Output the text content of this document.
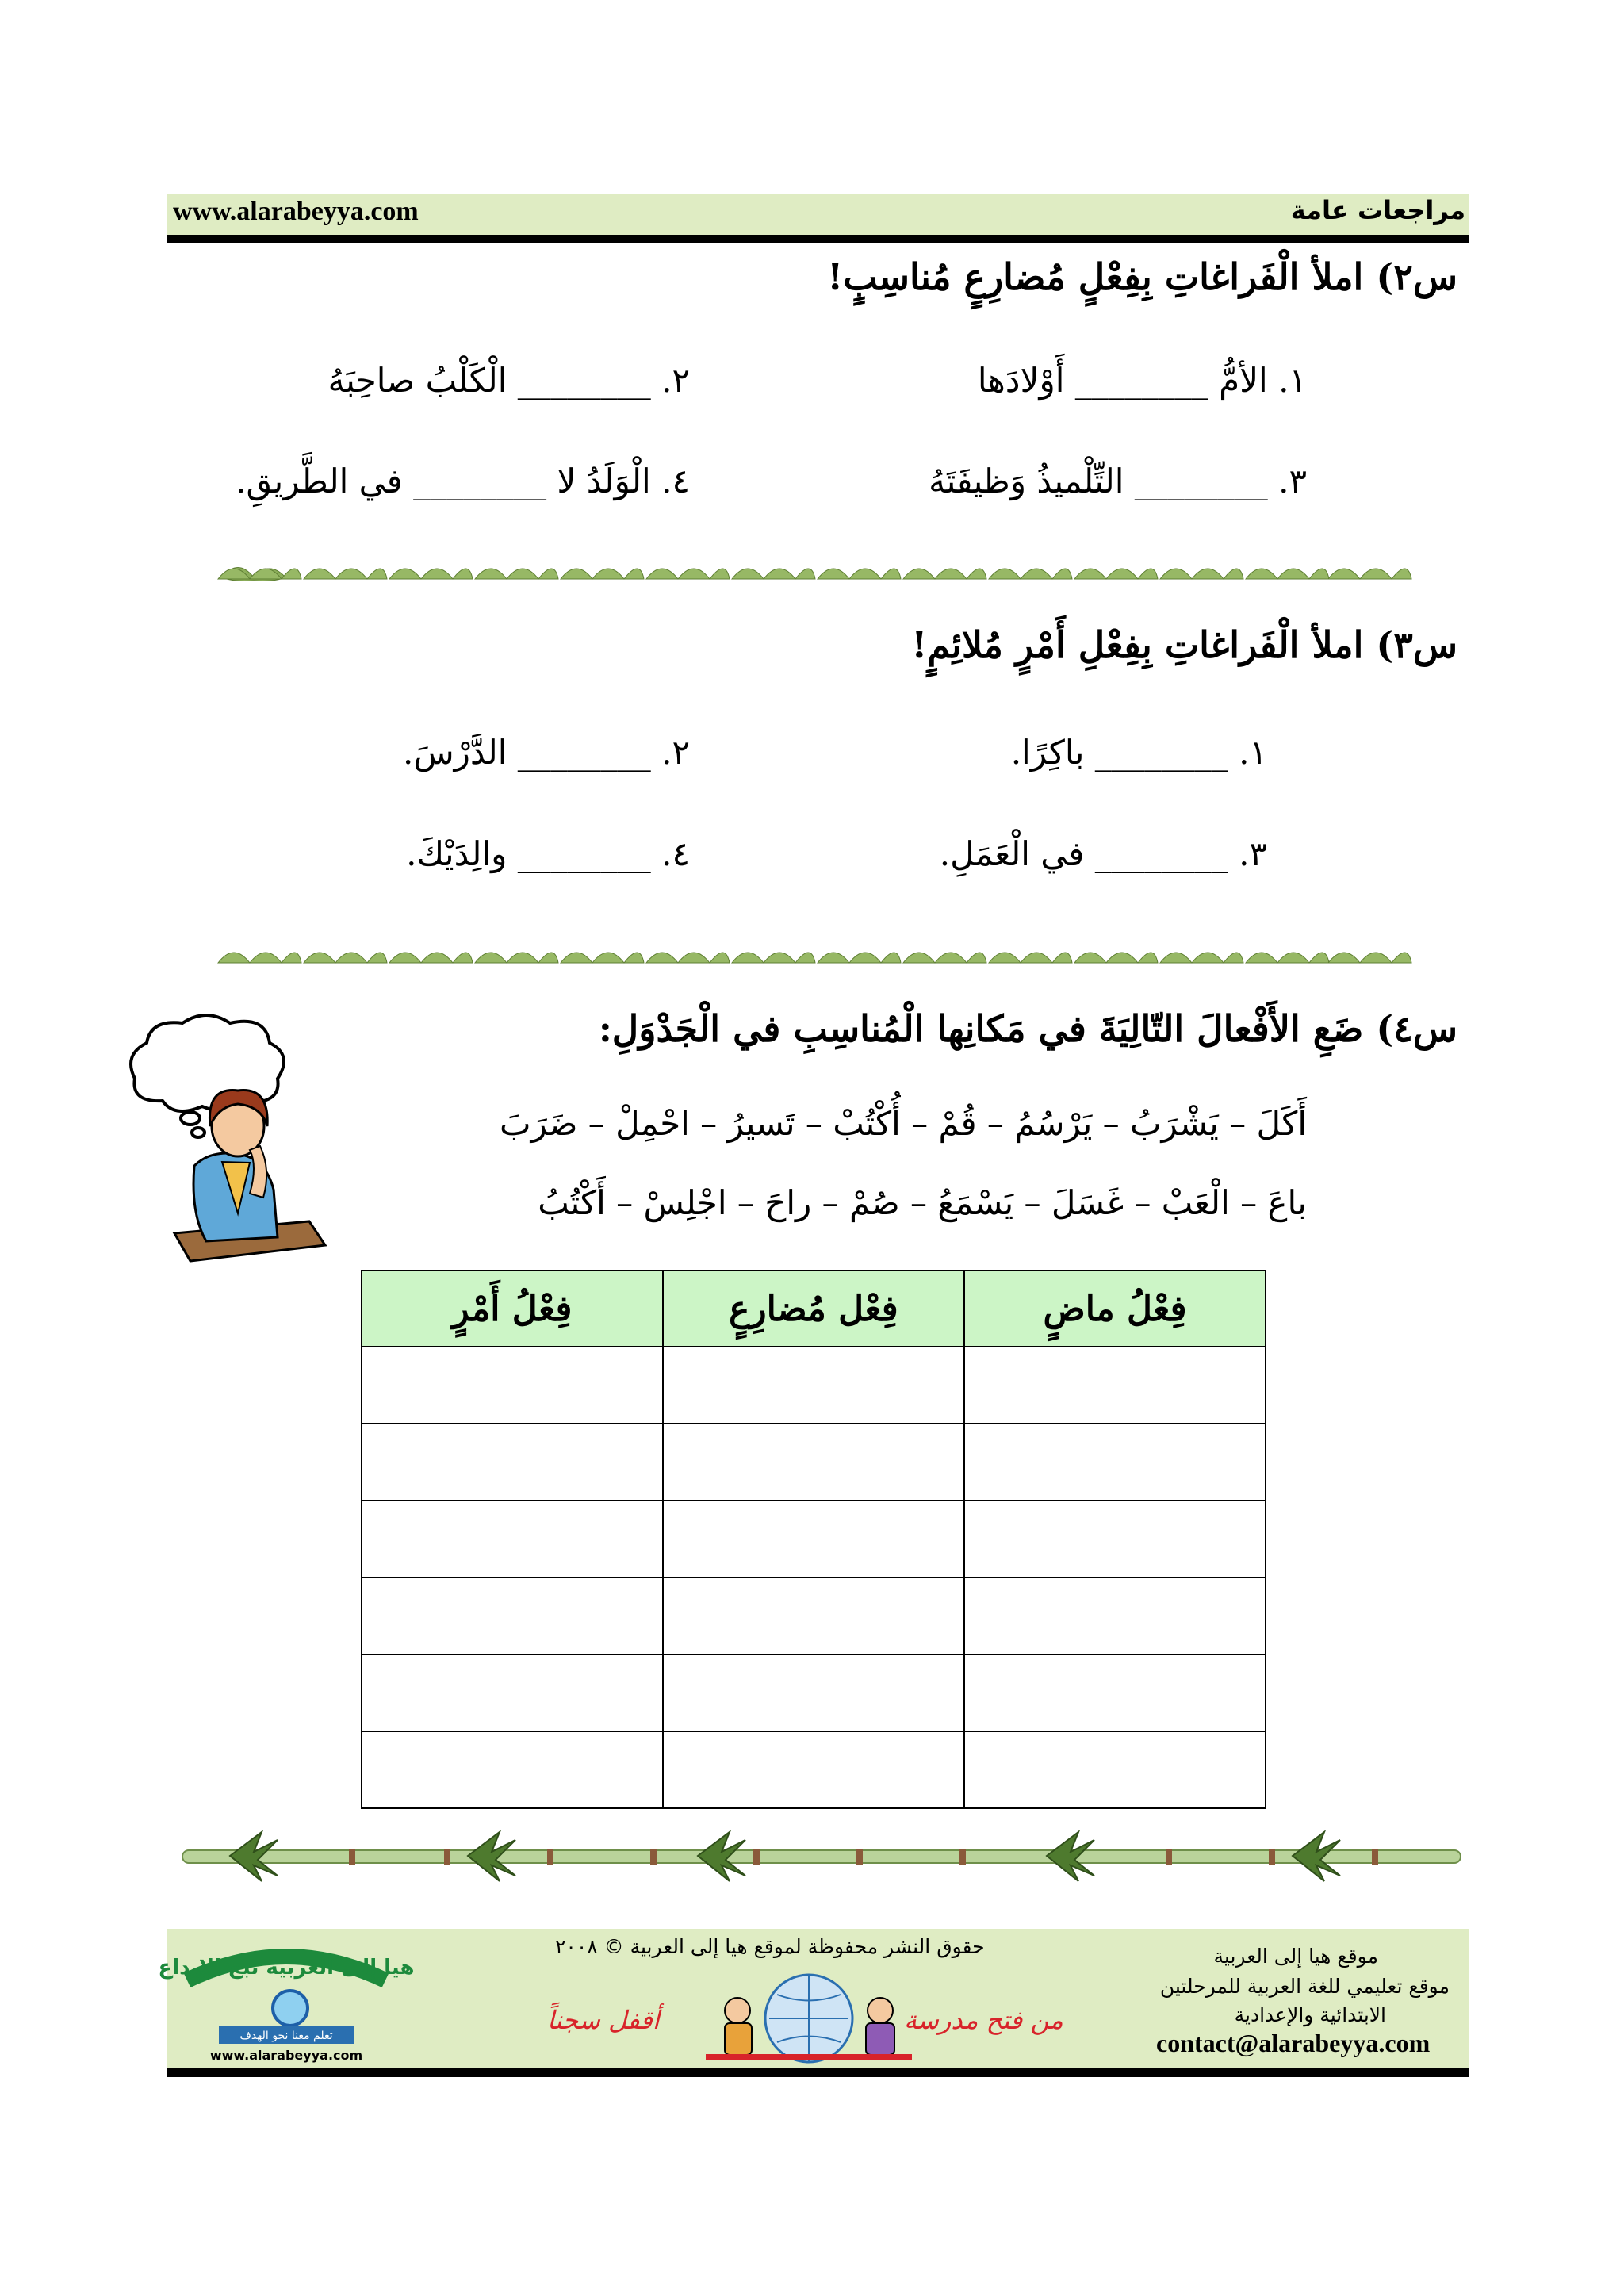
www.alarabeyya.com	مراجعات عامة
س٢) املأ الْفَراغاتِ بِفِعْلٍ مُضارِعٍ مُناسِبٍ!
١. الأمُّ ________ أَوْلادَها
٢. ________ الْكَلْبُ صاحِبَهُ
٣. ________ التِّلْميذُ وَظيفَتَهُ
٤. الْوَلَدُ لا ________ في الطَّريقِ.
س٣) املأ الْفَراغاتِ بِفِعْلِ أَمْرٍ مُلائِمٍ!
١. ________ باكِرًا.
٢. ________ الدَّرْسَ.
٣. ________ في الْعَمَلِ.
٤. ________ والِدَيْكَ.
س٤) ضَعِ الأَفْعالَ التّالِيَةَ في مَكانِها الْمُناسِبِ في الْجَدْوَلِ:
أَكَلَ – يَشْرَبُ – يَرْسُمُ – قُمْ – أُكْتُبْ – تَسيرُ – احْمِلْ – ضَرَبَ
باعَ – الْعَبْ – غَسَلَ – يَسْمَعُ – صُمْ – راحَ – اجْلِسْ – أَكْتُبُ
فِعْلُ ماضٍ	فِعْل مُضارِعٍ	فِعْلُ أَمْرٍ

هيا إلى العربية نبع الإبداع
تعلم معنا نحو الهدف
www.alarabeyya.com
حقوق النشر محفوظة لموقع هيا إلى العربية © ٢٠٠٨
من فتح مدرسة
أقفل سجناً
موقع هيا إلى العربية
موقع تعليمي للغة العربية للمرحلتين
الابتدائية والإعدادية
contact@alarabeyya.com
